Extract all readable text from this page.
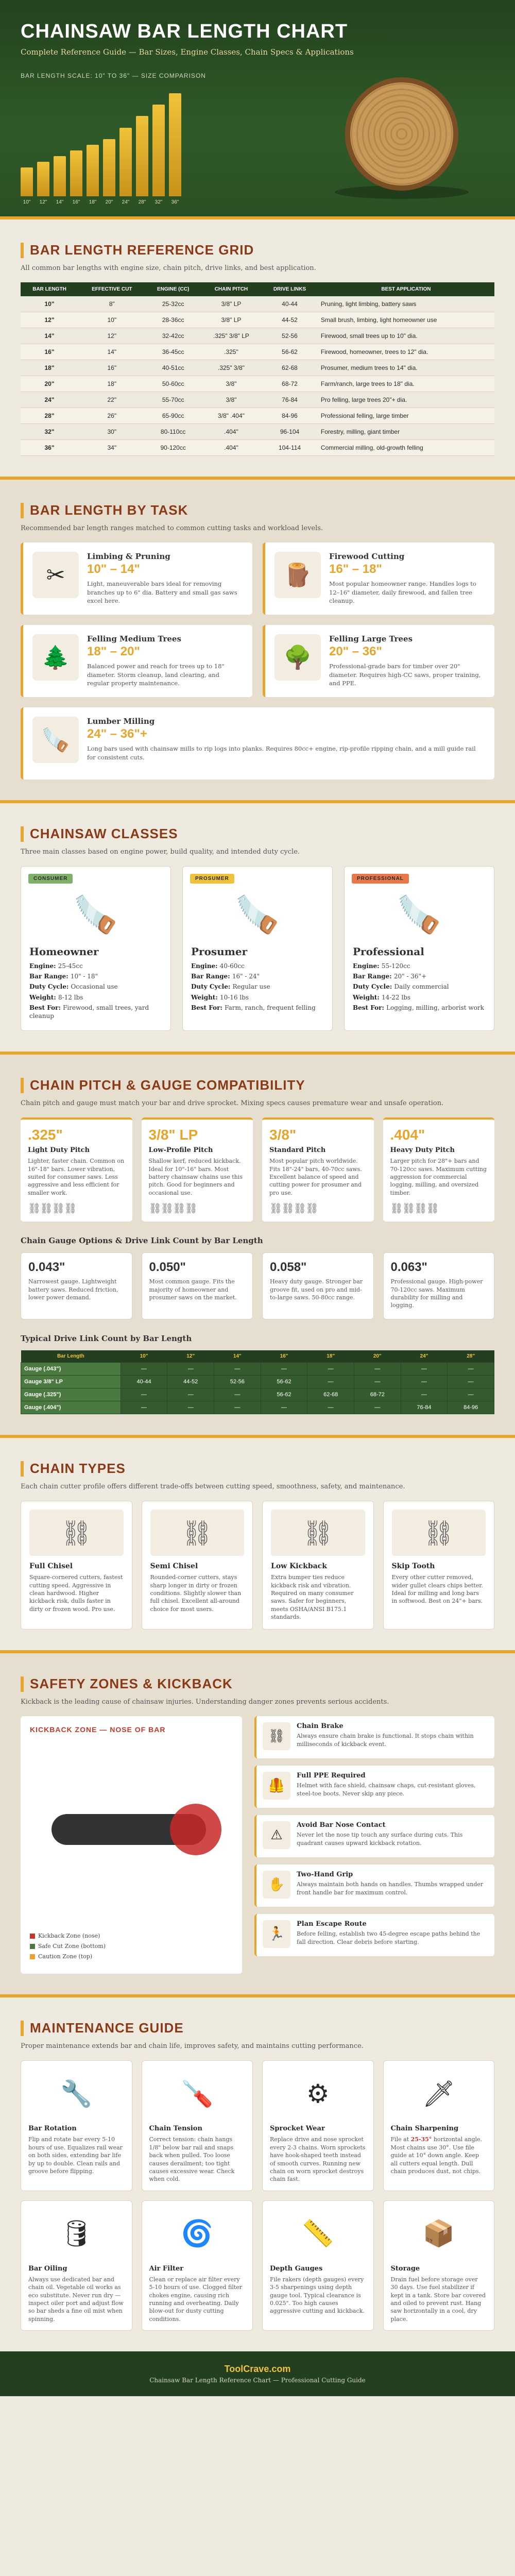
CHAINSAW BAR LENGTH CHART
Complete Reference Guide — Bar Sizes, Engine Classes, Chain Specs & Applications
BAR LENGTH SCALE: 10" TO 36" — SIZE COMPARISON
10" 12" 14" 16" 18" 20" 24" 28" 32" 36"
BAR LENGTH REFERENCE GRID
All common bar lengths with engine size, chain pitch, drive links, and best application.
BAR LENGTH	EFFECTIVE CUT	ENGINE (CC)	CHAIN PITCH	DRIVE LINKS	BEST APPLICATION
10"	8"	25-32cc	3/8" LP	40-44	Pruning, light limbing, battery saws
12"	10"	28-36cc	3/8" LP	44-52	Small brush, limbing, light homeowner use
14"	12"	32-42cc	.325" 3/8" LP	52-56	Firewood, small trees up to 10" dia.
16"	14"	36-45cc	.325"	56-62	Firewood, homeowner, trees to 12" dia.
18"	16"	40-51cc	.325" 3/8"	62-68	Prosumer, medium trees to 14" dia.
20"	18"	50-60cc	3/8"	68-72	Farm/ranch, large trees to 18" dia.
24"	22"	55-70cc	3/8"	76-84	Pro felling, large trees 20"+ dia.
28"	26"	65-90cc	3/8" .404"	84-96	Professional felling, large timber
32"	30"	80-110cc	.404"	96-104	Forestry, milling, giant timber
36"	34"	90-120cc	.404"	104-114	Commercial milling, old-growth felling
BAR LENGTH BY TASK
Recommended bar length ranges matched to common cutting tasks and workload levels.
✂
Limbing & Pruning
10" – 14"

Light, maneuverable bars ideal for removing branches up to 6" dia. Battery and small gas saws excel here.

🪵
Firewood Cutting
16" – 18"

Most popular homeowner range. Handles logs to 12–16" diameter, daily firewood, and fallen tree cleanup.

🌲
Felling Medium Trees
18" – 20"

Balanced power and reach for trees up to 18" diameter. Storm cleanup, land clearing, and regular property maintenance.

🌳
Felling Large Trees
20" – 36"

Professional-grade bars for timber over 20" diameter. Requires high-CC saws, proper training, and PPE.

🪚
Lumber Milling
24" – 36"+

Long bars used with chainsaw mills to rip logs into planks. Requires 80cc+ engine, rip-profile ripping chain, and a mill guide rail for consistent cuts.

CHAINSAW CLASSES
Three main classes based on engine power, build quality, and intended duty cycle.
CONSUMER
🪚
Homeowner
Engine: 25-45cc
Bar Range: 10" - 18"
Duty Cycle: Occasional use
Weight: 8-12 lbs
Best For: Firewood, small trees, yard cleanup
PROSUMER
🪚
Prosumer
Engine: 40-60cc
Bar Range: 16" - 24"
Duty Cycle: Regular use
Weight: 10-16 lbs
Best For: Farm, ranch, frequent felling
PROFESSIONAL
🪚
Professional
Engine: 55-120cc
Bar Range: 20" - 36"+
Duty Cycle: Daily commercial
Weight: 14-22 lbs
Best For: Logging, milling, arborist work
CHAIN PITCH & GAUGE COMPATIBILITY
Chain pitch and gauge must match your bar and drive sprocket. Mixing specs causes premature wear and unsafe operation.
.325"
Light Duty Pitch

Lighter, faster chain. Common on 16"-18" bars. Lower vibration, suited for consumer saws. Less aggressive and less efficient for smaller work.

⛓⛓⛓⛓
3/8" LP
Low-Profile Pitch

Shallow kerf, reduced kickback. Ideal for 10"-16" bars. Most battery chainsaw chains use this pitch. Good for beginners and occasional use.

⛓⛓⛓⛓
3/8"
Standard Pitch

Most popular pitch worldwide. Fits 18"-24" bars, 40-70cc saws. Excellent balance of speed and cutting power for prosumer and pro use.

⛓⛓⛓⛓
.404"
Heavy Duty Pitch

Larger pitch for 28"+ bars and 70-120cc saws. Maximum cutting aggression for commercial logging, milling, and oversized timber.

⛓⛓⛓⛓
Chain Gauge Options & Drive Link Count by Bar Length
0.043"

Narrowest gauge. Lightweight battery saws. Reduced friction, lower power demand.

0.050"

Most common gauge. Fits the majority of homeowner and prosumer saws on the market.

0.058"

Heavy duty gauge. Stronger bar groove fit, used on pro and mid-to-large saws. 50-80cc range.

0.063"

Professional gauge. High-power 70-120cc saws. Maximum durability for milling and logging.

Typical Drive Link Count by Bar Length
Bar Length	10"	12"	14"	16"	18"	20"	24"	28"
Gauge (.043")	—	—	—	—	—	—	—	—
Gauge 3/8" LP	40-44	44-52	52-56	56-62	—	—	—	—
Gauge (.325")	—	—	—	56-62	62-68	68-72	—	—
Gauge (.404")	—	—	—	—	—	—	76-84	84-96
CHAIN TYPES
Each chain cutter profile offers different trade-offs between cutting speed, smoothness, safety, and maintenance.
⛓
Full Chisel

Square-cornered cutters, fastest cutting speed. Aggressive in clean hardwood. Higher kickback risk, dulls faster in dirty or frozen wood. Pro use.

⛓
Semi Chisel

Rounded-corner cutters, stays sharp longer in dirty or frozen conditions. Slightly slower than full chisel. Excellent all-around choice for most users.

⛓
Low Kickback

Extra bumper ties reduce kickback risk and vibration. Required on many consumer saws. Safer for beginners, meets OSHA/ANSI B175.1 standards.

⛓
Skip Tooth

Every other cutter removed, wider gullet clears chips better. Ideal for milling and long bars in softwood. Best on 24"+ bars.

SAFETY ZONES & KICKBACK
Kickback is the leading cause of chainsaw injuries. Understanding danger zones prevents serious accidents.
KICKBACK ZONE — NOSE OF BAR
Kickback Zone (nose)
Safe Cut Zone (bottom)
Caution Zone (top)
⛓
Chain Brake

Always ensure chain brake is functional. It stops chain within milliseconds of kickback event.

🦺
Full PPE Required

Helmet with face shield, chainsaw chaps, cut-resistant gloves, steel-toe boots. Never skip any piece.

⚠
Avoid Bar Nose Contact

Never let the nose tip touch any surface during cuts. This quadrant causes upward kickback rotation.

✋
Two-Hand Grip

Always maintain both hands on handles. Thumbs wrapped under front handle bar for maximum control.

🏃
Plan Escape Route

Before felling, establish two 45-degree escape paths behind the fall direction. Clear debris before starting.

MAINTENANCE GUIDE
Proper maintenance extends bar and chain life, improves safety, and maintains cutting performance.
🔧
Bar Rotation

Flip and rotate bar every 5-10 hours of use. Equalizes rail wear on both sides, extending bar life by up to double. Clean rails and groove before flipping.

🪛
Chain Tension

Correct tension: chain hangs 1/8" below bar rail and snaps back when pulled. Too loose causes derailment; too tight causes excessive wear. Check when cold.

⚙
Sprocket Wear

Replace drive and nose sprocket every 2-3 chains. Worn sprockets have hook-shaped teeth instead of smooth curves. Running new chain on worn sprocket destroys chain fast.

🗡
Chain Sharpening

File at 25-35° horizontal angle. Most chains use 30°. Use file guide at 10° down angle. Keep all cutters equal length. Dull chain produces dust, not chips.

🛢
Bar Oiling

Always use dedicated bar and chain oil. Vegetable oil works as eco substitute. Never run dry — inspect oiler port and adjust flow so bar sheds a fine oil mist when spinning.

🌀
Air Filter

Clean or replace air filter every 5-10 hours of use. Clogged filter chokes engine, causing rich running and overheating. Daily blow-out for dusty cutting conditions.

📏
Depth Gauges

File rakers (depth gauges) every 3-5 sharpenings using depth gauge tool. Typical clearance is 0.025". Too high causes aggressive cutting and kickback.

📦
Storage

Drain fuel before storage over 30 days. Use fuel stabilizer if kept in a tank. Store bar covered and oiled to prevent rust. Hang saw horizontally in a cool, dry place.

ToolCrave.com
Chainsaw Bar Length Reference Chart — Professional Cutting Guide
